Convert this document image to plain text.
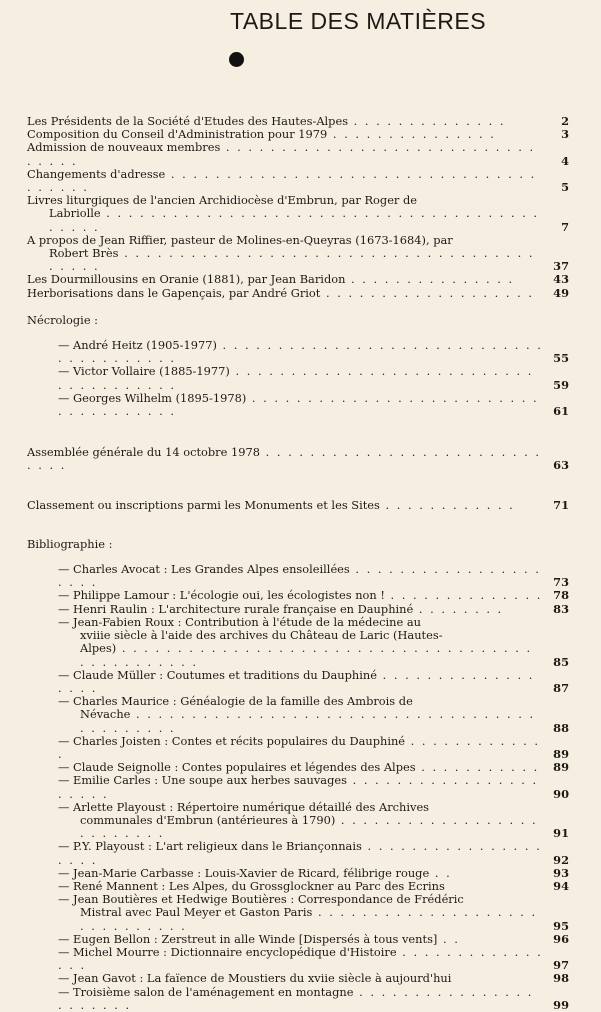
TABLE DES MATIÈRES
Les Présidents de la Société d'Etudes des Hautes-Alpes . . . . . . . . . . . . . .	2
Composition du Conseil d'Administration pour 1979 . . . . . . . . . . . . . . .	3
Admission de nouveaux membres . . . . . . . . . . . . . . . . . . . . . . . . . . . . . . . . .	4
Changements d'adresse . . . . . . . . . . . . . . . . . . . . . . . . . . . . . . . . . . . . . . .	5
Livres liturgiques de l'ancien Archidiocèse d'Embrun, par Roger de
Labriolle . . . . . . . . . . . . . . . . . . . . . . . . . . . . . . . . . . . . . . . . . . . .	7
A propos de Jean Riffier, pasteur de Molines-en-Queyras (1673-1684), par
Robert Brès . . . . . . . . . . . . . . . . . . . . . . . . . . . . . . . . . . . . . . . . . .	37
Les Dourmillousins en Oranie (1881), par Jean Baridon . . . . . . . . . . . . . . .	43
Herborisations dans le Gapençais, par André Griot . . . . . . . . . . . . . . . . . . .	49
Nécrologie :
— André Heitz (1905-1977) . . . . . . . . . . . . . . . . . . . . . . . . . . . . . . . . . . . . . . . .	55
— Victor Vollaire (1885-1977) . . . . . . . . . . . . . . . . . . . . . . . . . . . . . . . . . . . . . .	59
— Georges Wilhelm (1895-1978) . . . . . . . . . . . . . . . . . . . . . . . . . . . . . . . . . . . . .	61
Assemblée générale du 14 octobre 1978 . . . . . . . . . . . . . . . . . . . . . . . . . . . . .	63
Classement ou inscriptions parmi les Monuments et les Sites . . . . . . . . . . . .	71
Bibliographie :
— Charles Avocat : Les Grandes Alpes ensoleillées . . . . . . . . . . . . . . . . . . . . .	73
— Philippe Lamour : L'écologie oui, les écologistes non ! . . . . . . . . . . . . . . 78
— Henri Raulin : L'architecture rurale française en Dauphiné . . . . . . . .	83
— Jean-Fabien Roux : Contribution à l'étude de la médecine au
xviiie siècle à l'aide des archives du Château de Laric (Hautes-
Alpes) . . . . . . . . . . . . . . . . . . . . . . . . . . . . . . . . . . . . . . . . . . . . . . . .	85
— Claude Müller : Coutumes et traditions du Dauphiné . . . . . . . . . . . . . . . . . .	87
— Charles Maurice : Généalogie de la famille des Ambrois de
Névache . . . . . . . . . . . . . . . . . . . . . . . . . . . . . . . . . . . . . . . . . . . . .	88
— Charles Joisten : Contes et récits populaires du Dauphiné . . . . . . . . . . . . .	89
— Claude Seignolle : Contes populaires et légendes des Alpes . . . . . . . . . . .	89
— Emilie Carles : Une soupe aux herbes sauvages . . . . . . . . . . . . . . . . . . . . . .	90
— Arlette Playoust : Répertoire numérique détaillé des Archives
communales d'Embrun (antérieures à 1790) . . . . . . . . . . . . . . . . . . . . . . . . . .	91
— P.Y. Playoust : L'art religieux dans le Briançonnais . . . . . . . . . . . . . . . . . . . .	92
— Jean-Marie Carbasse : Louis-Xavier de Ricard, félibrige rouge . .	93
— René Mannent : Les Alpes, du Grossglockner au Parc des Ecrins	94
— Jean Boutières et Hedwige Boutières : Correspondance de Frédéric
Mistral avec Paul Meyer et Gaston Paris . . . . . . . . . . . . . . . . . . . . . . . . . . . . . .	95
— Eugen Bellon : Zerstreut in alle Winde [Dispersés à tous vents] . .	96
— Michel Mourre : Dictionnaire encyclopédique d'Histoire . . . . . . . . . . . . . . . .	97
— Jean Gavot : La faïence de Moustiers du xviie siècle à aujourd'hui	98
— Troisième salon de l'aménagement en montagne . . . . . . . . . . . . . . . . . . . . . . .	99
